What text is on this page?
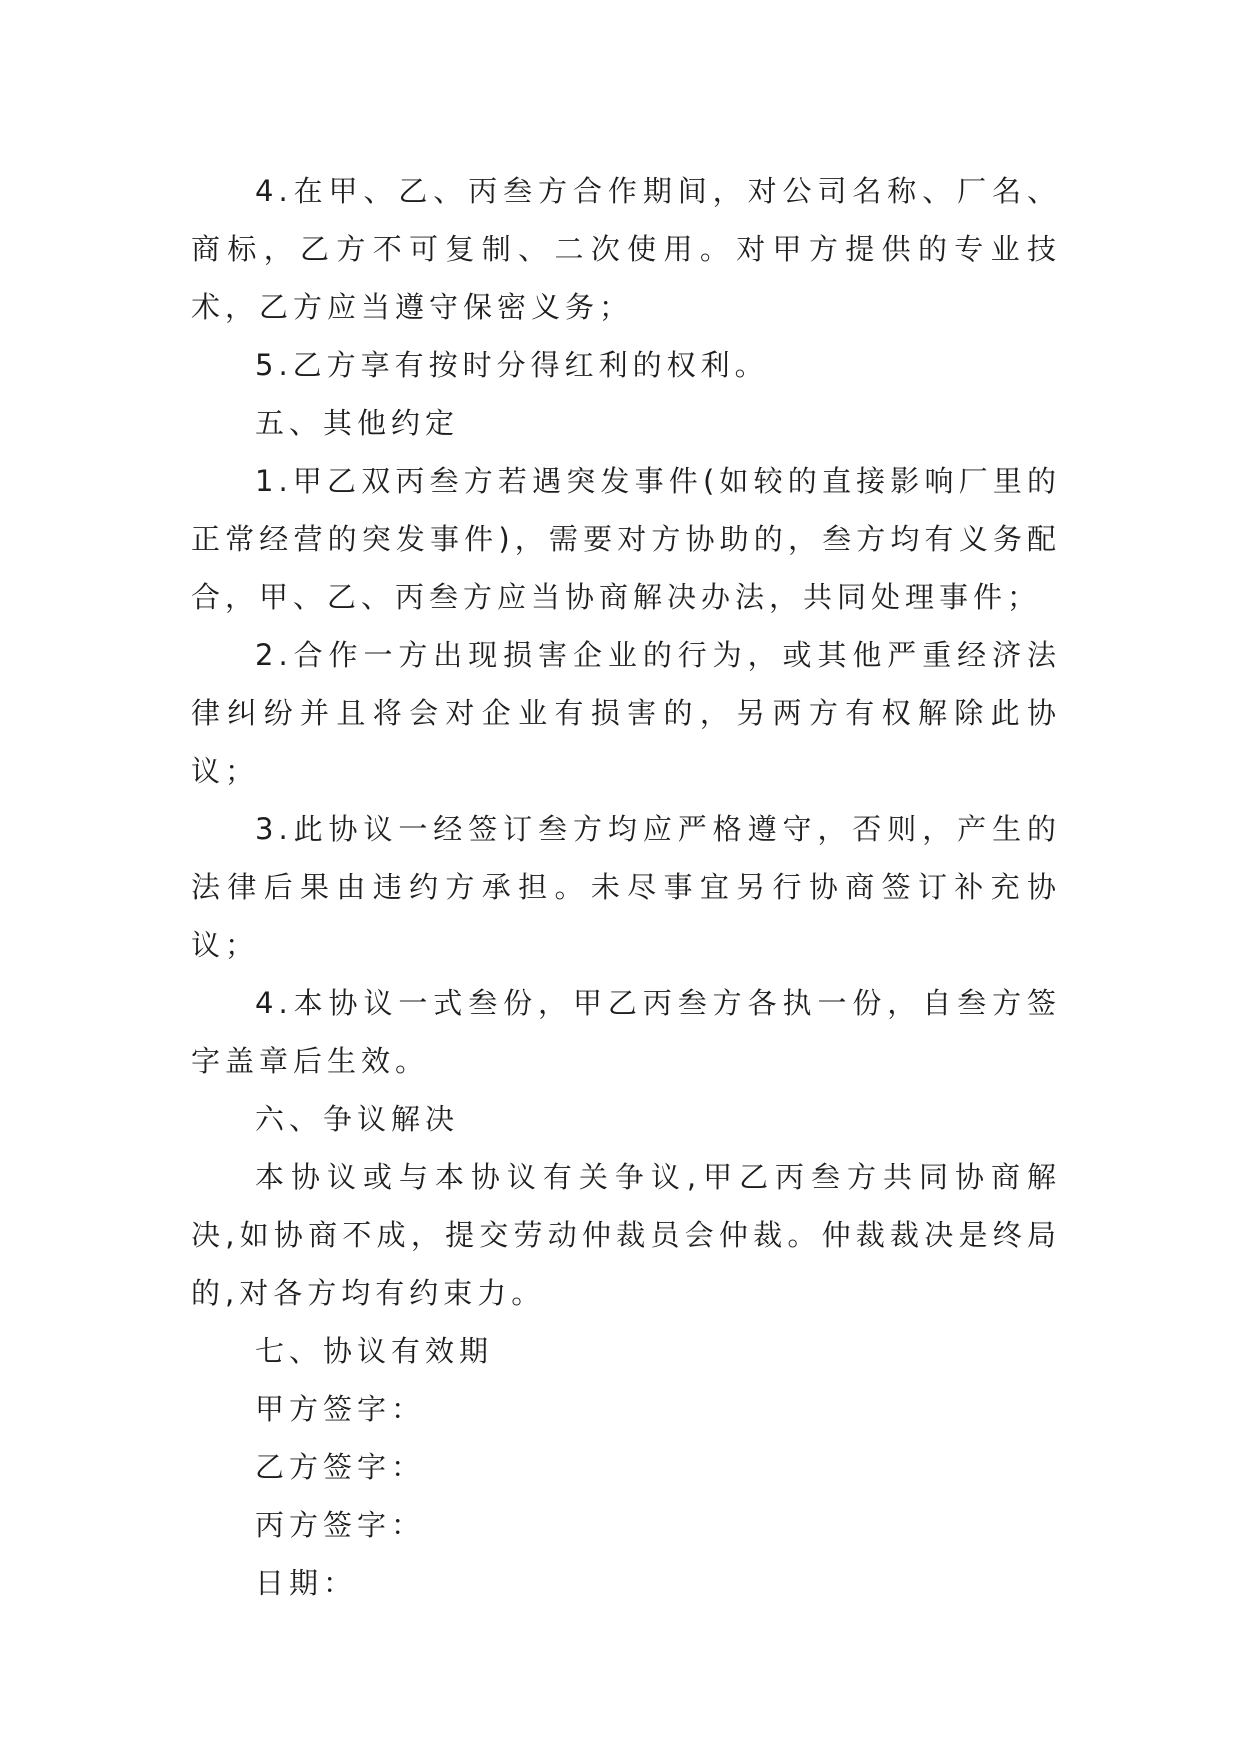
4.在甲、乙、丙叁方合作期间，对公司名称、厂名、商标，乙方不可复制、二次使用。对甲方提供的专业技术，乙方应当遵守保密义务；

5.乙方享有按时分得红利的权利。

五、其他约定

1.甲乙双丙叁方若遇突发事件(如较的直接影响厂里的正常经营的突发事件)，需要对方协助的，叁方均有义务配合，甲、乙、丙叁方应当协商解决办法，共同处理事件；

2.合作一方出现损害企业的行为，或其他严重经济法律纠纷并且将会对企业有损害的，另两方有权解除此协议；

3.此协议一经签订叁方均应严格遵守，否则，产生的法律后果由违约方承担。未尽事宜另行协商签订补充协议；

4.本协议一式叁份，甲乙丙叁方各执一份，自叁方签字盖章后生效。

六、争议解决

本协议或与本协议有关争议,甲乙丙叁方共同协商解决,如协商不成，提交劳动仲裁员会仲裁。仲裁裁决是终局的,对各方均有约束力。

七、协议有效期

甲方签字：

乙方签字：

丙方签字：

日期：
